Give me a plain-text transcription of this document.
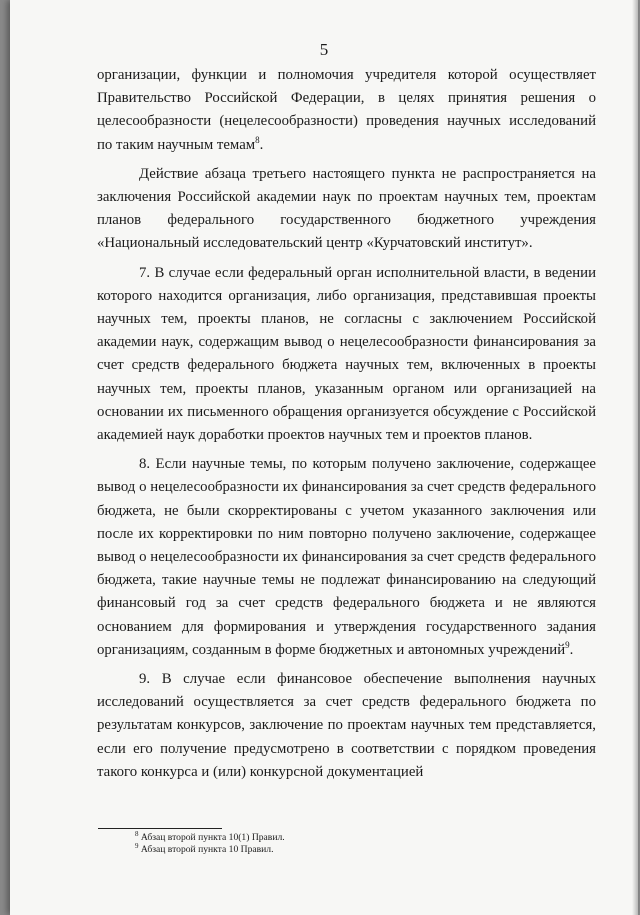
5

организации, функции и полномочия учредителя которой осуществляет Правительство Российской Федерации, в целях принятия решения о целесообразности (нецелесообразности) проведения научных исследований по таким научным темам$^8$.

Действие абзаца третьего настоящего пункта не распространяется на заключения Российской академии наук по проектам научных тем, проектам планов федерального государственного бюджетного учреждения «Национальный исследовательский центр «Курчатовский институт».

7. В случае если федеральный орган исполнительной власти, в ведении которого находится организация, либо организация, представившая проекты научных тем, проекты планов, не согласны с заключением Российской академии наук, содержащим вывод о нецелесообразности финансирования за счет средств федерального бюджета научных тем, включенных в проекты научных тем, проекты планов, указанным органом или организацией на основании их письменного обращения организуется обсуждение с Российской академией наук доработки проектов научных тем и проектов планов.

8. Если научные темы, по которым получено заключение, содержащее вывод о нецелесообразности их финансирования за счет средств федерального бюджета, не были скорректированы с учетом указанного заключения или после их корректировки по ним повторно получено заключение, содержащее вывод о нецелесообразности их финансирования за счет средств федерального бюджета, такие научные темы не подлежат финансированию на следующий финансовый год за счет средств федерального бюджета и не являются основанием для формирования и утверждения государственного задания организациям, созданным в форме бюджетных и автономных учреждений$^9$.

9. В случае если финансовое обеспечение выполнения научных исследований осуществляется за счет средств федерального бюджета по результатам конкурсов, заключение по проектам научных тем представляется, если его получение предусмотрено в соответствии с порядком проведения такого конкурса и (или) конкурсной документацией

$^8$ Абзац второй пункта 10(1) Правил.
$^9$ Абзац второй пункта 10 Правил.
